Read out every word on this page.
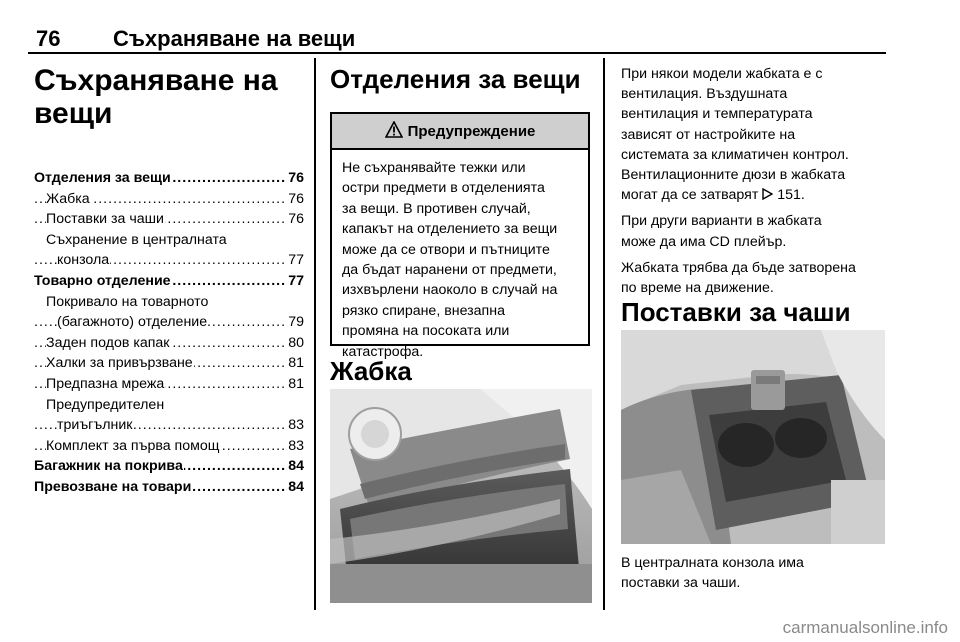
76 Съхраняване на вещи
Съхраняване на
вещи
..... Отделения за вещи	76
..... Жабка	76
..... Поставки за чаши	76
Съхранение в централната
..... конзола	77
..... Товарно отделение	77
Покривало на товарното
..... (багажното) отделение	79
..... Заден подов капак	80
..... Халки за привързване	81
..... Предпазна мрежа	81
Предупредителен
..... триъгълник	83
..... Комплект за първа помощ	83
..... Багажник на покрива	84
..... Превозване на товари	84
Отделения за вещи
Предупреждение
Не съхранявайте тежки или
остри предмети в отделенията
за вещи. В противен случай,
капакът на отделението за вещи
може да се отвори и пътниците
да бъдат наранени от предмети,
изхвърлени наоколо в случай на
рязко спиране, внезапна
промяна на посоката или
катастрофа.
Жабка

При някои модели жабката е с
вентилация. Въздушната
вентилация и температурата
зависят от настройките на
системата за климатичен контрол.
Вентилационните дюзи в жабката
могат да се затварят 151.

При други варианти в жабката
може да има CD плейър.

Жабката трябва да бъде затворена
по време на движение.

Поставки за чаши
В централната конзола има
поставки за чаши.
carmanualsonline.info
